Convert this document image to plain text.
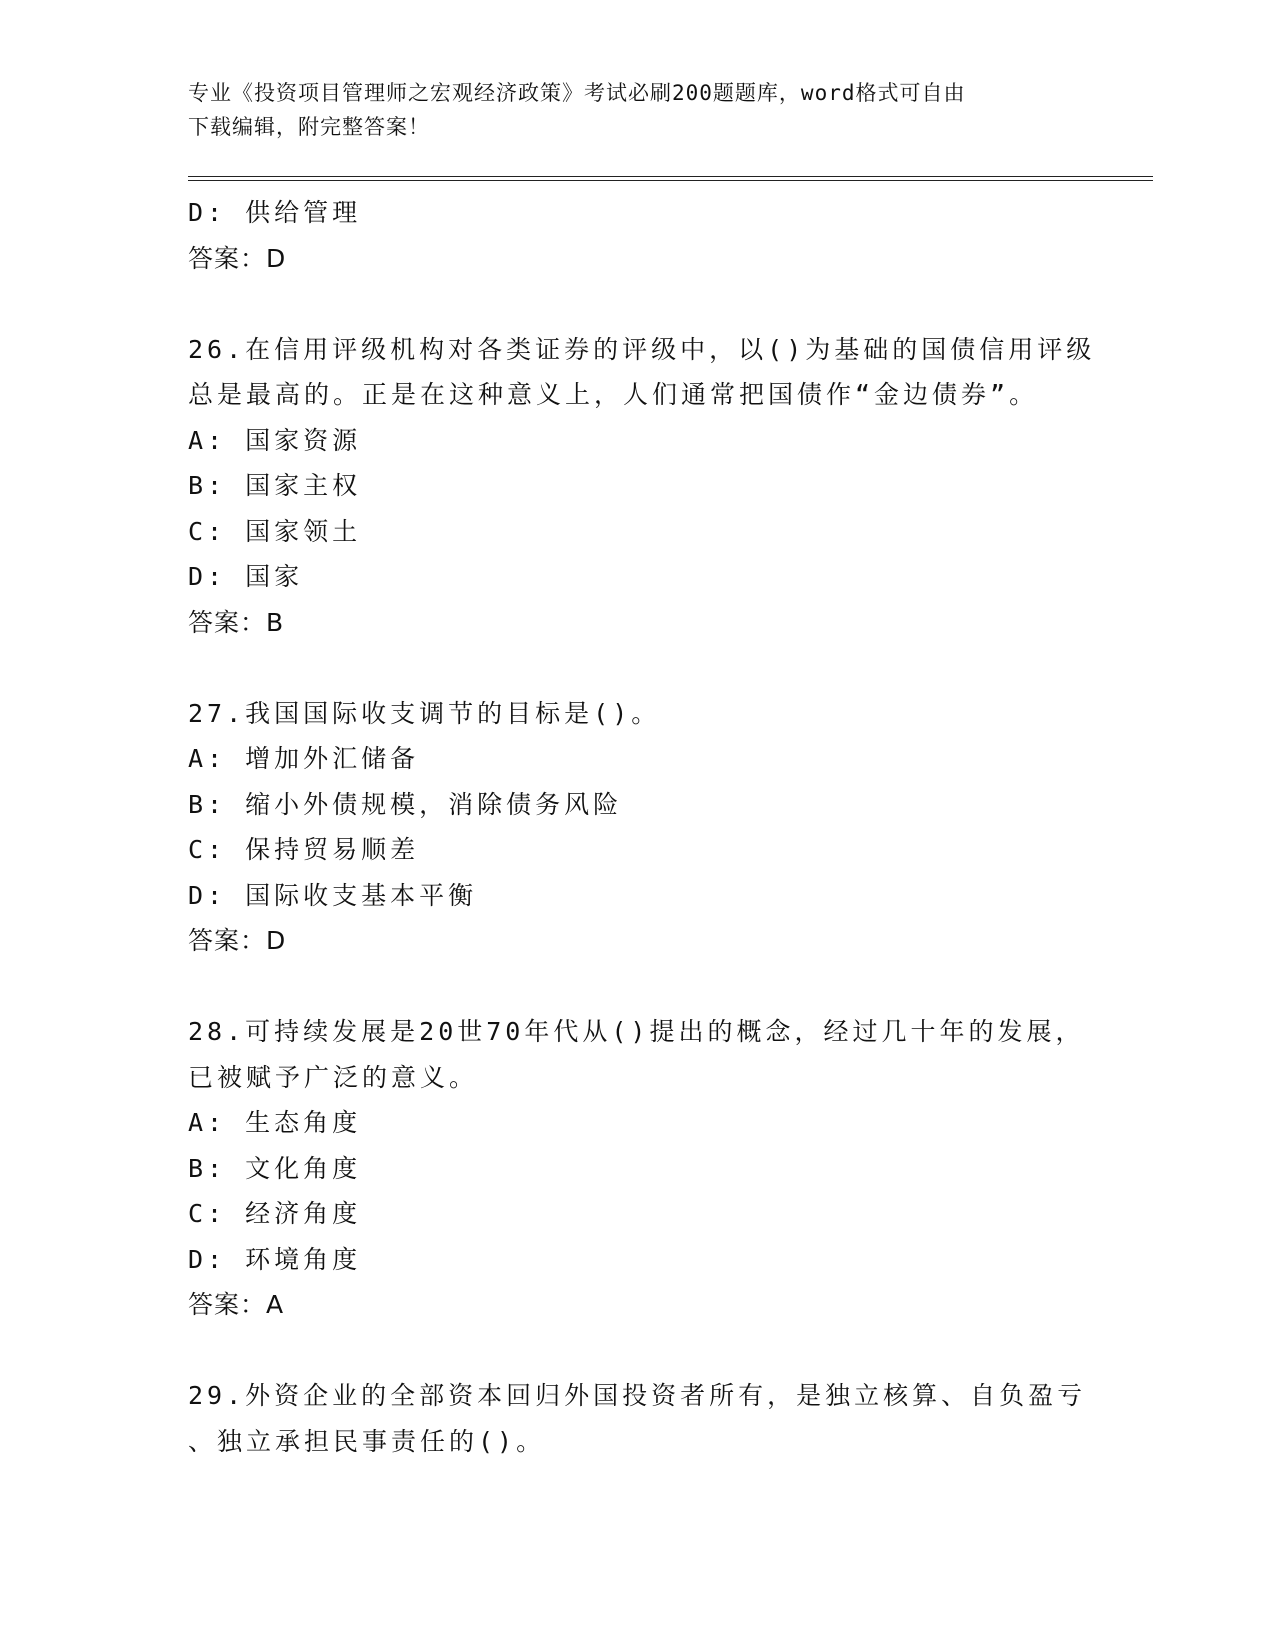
专业《投资项目管理师之宏观经济政策》考试必刷200题题库，word格式可自由
下载编辑，附完整答案！
D: 供给管理
答案：D
26.在信用评级机构对各类证券的评级中，以()为基础的国债信用评级
总是最高的。正是在这种意义上，人们通常把国债作“金边债券”。
A: 国家资源
B: 国家主权
C: 国家领土
D: 国家
答案：B
27.我国国际收支调节的目标是()。
A: 增加外汇储备
B: 缩小外债规模，消除债务风险
C: 保持贸易顺差
D: 国际收支基本平衡
答案：D
28.可持续发展是20世70年代从()提出的概念，经过几十年的发展，
已被赋予广泛的意义。
A: 生态角度
B: 文化角度
C: 经济角度
D: 环境角度
答案：A
29.外资企业的全部资本回归外国投资者所有，是独立核算、自负盈亏
、独立承担民事责任的()。
